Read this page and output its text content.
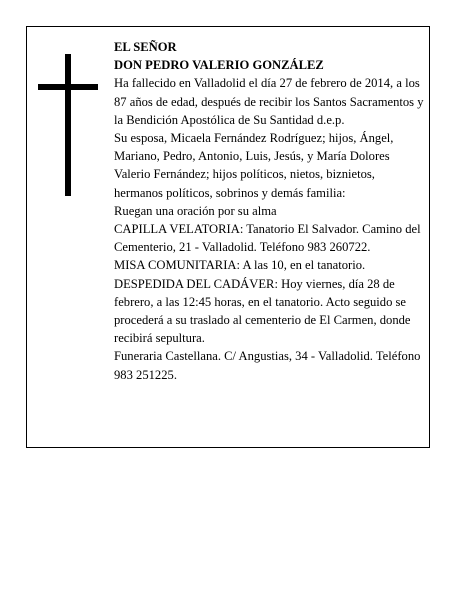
EL SEÑOR

DON PEDRO VALERIO GONZÁLEZ

Ha fallecido en Valladolid el día 27 de febrero de 2014, a los 87 años de edad, después de recibir los Santos Sacramentos y la Bendición Apostólica de Su Santidad d.e.p.

Su esposa, Micaela Fernández Rodríguez; hijos, Ángel, Mariano, Pedro, Antonio, Luis, Jesús, y María Dolores Valerio Fernández; hijos políticos, nietos, biznietos, hermanos políticos, sobrinos y demás familia:

Ruegan una oración por su alma

CAPILLA VELATORIA: Tanatorio El Salvador. Camino del Cementerio, 21 - Valladolid. Teléfono 983 260722.

MISA COMUNITARIA: A las 10, en el tanatorio.

DESPEDIDA DEL CADÁVER: Hoy viernes, día 28 de febrero, a las 12:45 horas, en el tanatorio. Acto seguido se procederá a su traslado al cementerio de El Carmen, donde recibirá sepultura.

Funeraria Castellana. C/ Angustias, 34 - Valladolid. Teléfono 983 251225.
